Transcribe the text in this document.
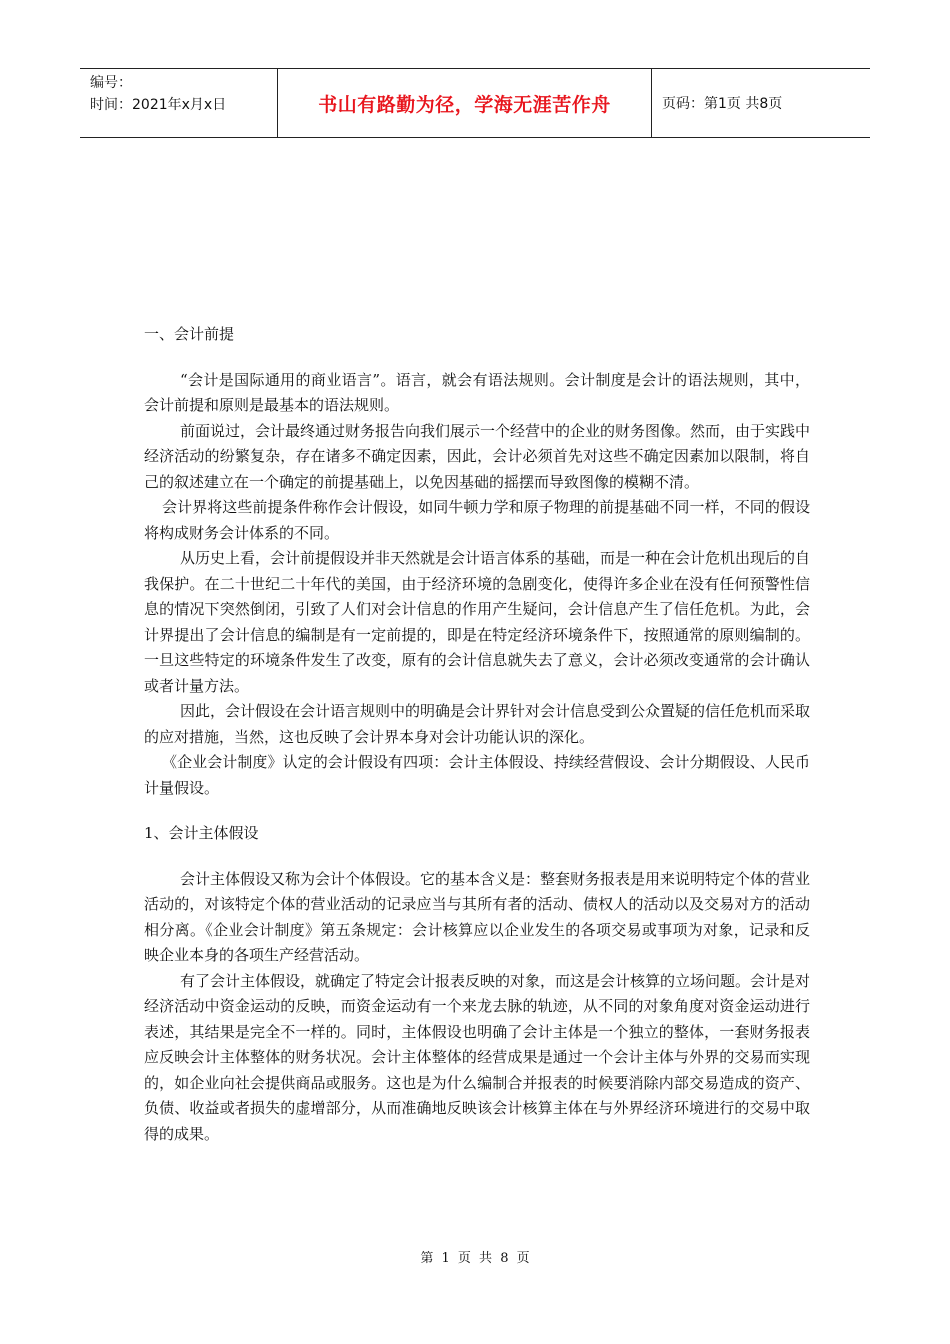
编号：
时间：2021年x月x日	书山有路勤为径，学海无涯苦作舟	页码：第1页 共8页

一、会计前提

“会计是国际通用的商业语言”。语言，就会有语法规则。会计制度是会计的语法规则，其中，会计前提和原则是最基本的语法规则。

前面说过，会计最终通过财务报告向我们展示一个经营中的企业的财务图像。然而，由于实践中经济活动的纷繁复杂，存在诸多不确定因素，因此，会计必须首先对这些不确定因素加以限制，将自己的叙述建立在一个确定的前提基础上，以免因基础的摇摆而导致图像的模糊不清。

会计界将这些前提条件称作会计假设，如同牛顿力学和原子物理的前提基础不同一样，不同的假设将构成财务会计体系的不同。

从历史上看，会计前提假设并非天然就是会计语言体系的基础，而是一种在会计危机出现后的自我保护。在二十世纪二十年代的美国，由于经济环境的急剧变化，使得许多企业在没有任何预警性信息的情况下突然倒闭，引致了人们对会计信息的作用产生疑问，会计信息产生了信任危机。为此，会计界提出了会计信息的编制是有一定前提的，即是在特定经济环境条件下，按照通常的原则编制的。一旦这些特定的环境条件发生了改变，原有的会计信息就失去了意义，会计必须改变通常的会计确认或者计量方法。

因此，会计假设在会计语言规则中的明确是会计界针对会计信息受到公众置疑的信任危机而采取的应对措施，当然，这也反映了会计界本身对会计功能认识的深化。

《企业会计制度》认定的会计假设有四项：会计主体假设、持续经营假设、会计分期假设、人民币计量假设。

1、会计主体假设

会计主体假设又称为会计个体假设。它的基本含义是：整套财务报表是用来说明特定个体的营业活动的，对该特定个体的营业活动的记录应当与其所有者的活动、债权人的活动以及交易对方的活动相分离。《企业会计制度》第五条规定：会计核算应以企业发生的各项交易或事项为对象，记录和反映企业本身的各项生产经营活动。

有了会计主体假设，就确定了特定会计报表反映的对象，而这是会计核算的立场问题。会计是对经济活动中资金运动的反映，而资金运动有一个来龙去脉的轨迹，从不同的对象角度对资金运动进行表述，其结果是完全不一样的。同时，主体假设也明确了会计主体是一个独立的整体，一套财务报表应反映会计主体整体的财务状况。会计主体整体的经营成果是通过一个会计主体与外界的交易而实现的，如企业向社会提供商品或服务。这也是为什么编制合并报表的时候要消除内部交易造成的资产、负债、收益或者损失的虚增部分，从而准确地反映该会计核算主体在与外界经济环境进行的交易中取得的成果。

第 1 页 共 8 页
